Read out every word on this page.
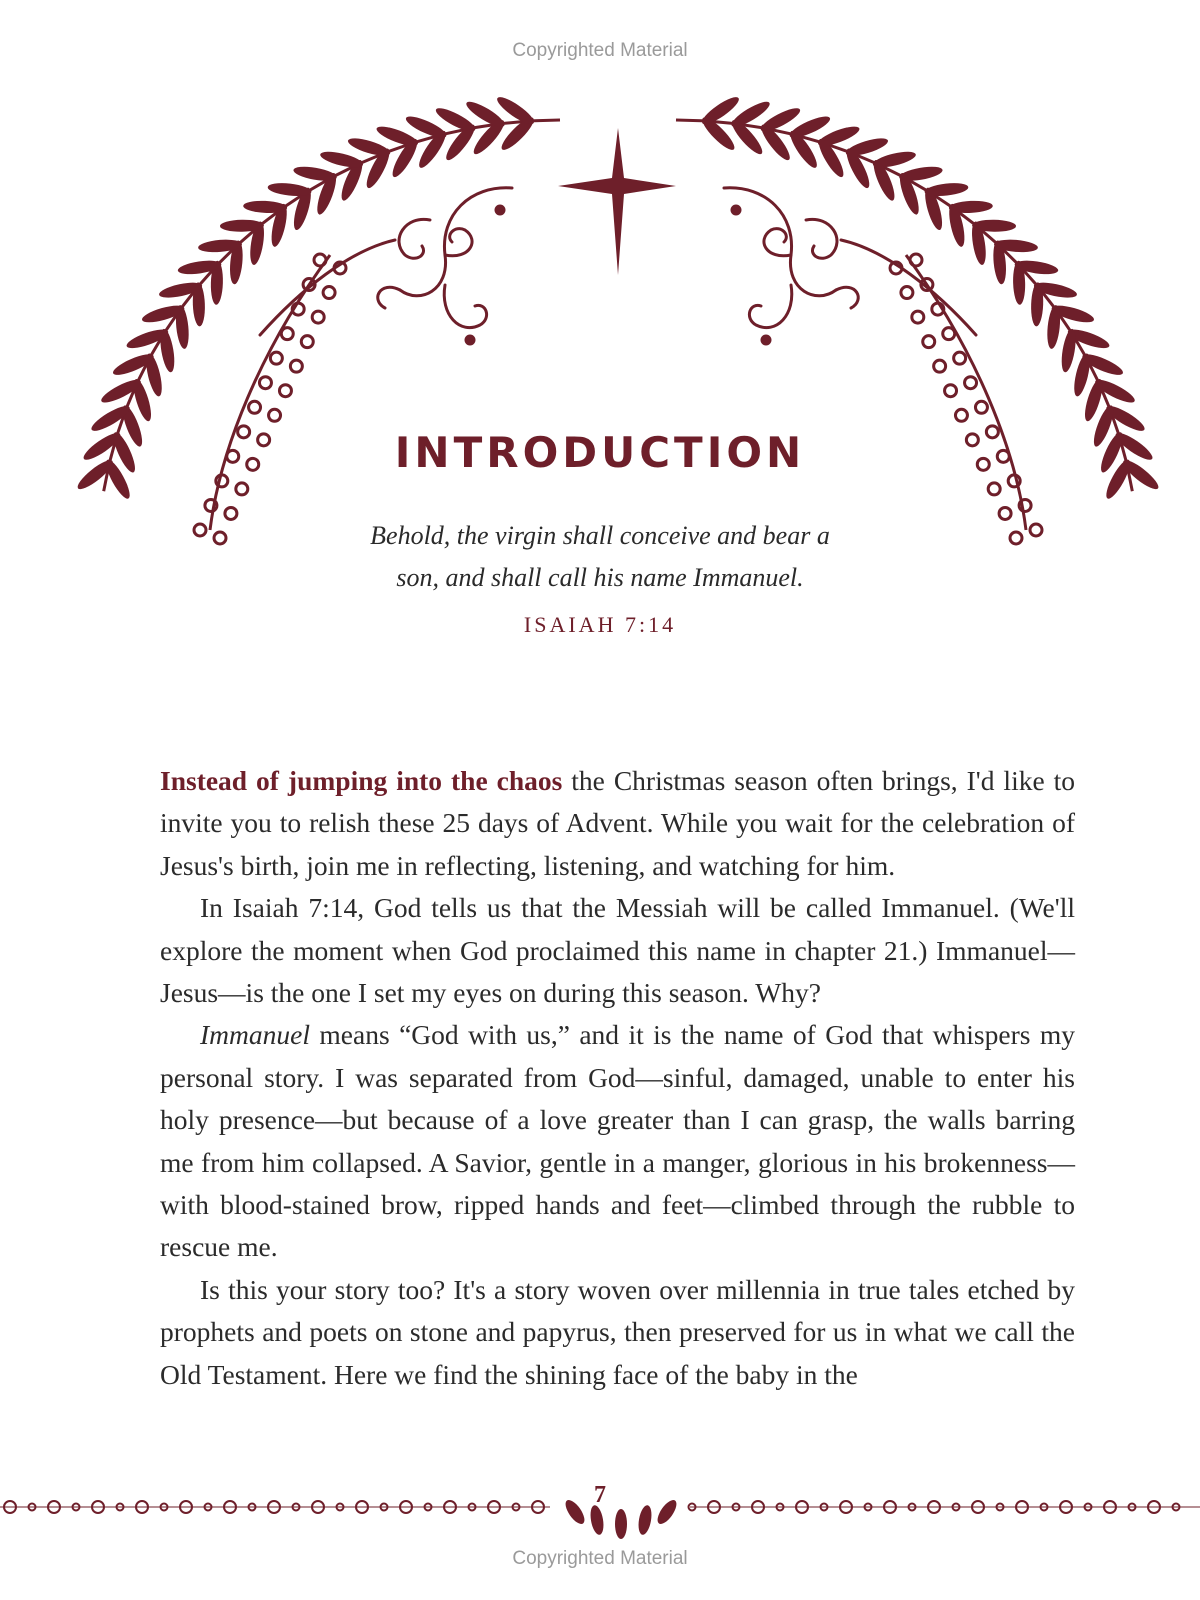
Copyrighted Material
INTRODUCTION
Behold, the virgin shall conceive and bear a
son, and shall call his name Immanuel.
ISAIAH 7:14

Instead of jumping into the chaos the Christmas season often brings, I'd like to invite you to relish these 25 days of Advent. While you wait for the celebration of Jesus's birth, join me in reflecting, listening, and watching for him.

In Isaiah 7:14, God tells us that the Messiah will be called Immanuel. (We'll explore the moment when God proclaimed this name in chapter 21.) Immanuel—Jesus—is the one I set my eyes on during this season. Why?

Immanuel means “God with us,” and it is the name of God that whispers my personal story. I was separated from God—sinful, damaged, unable to enter his holy presence—but because of a love greater than I can grasp, the walls barring me from him collapsed. A Savior, gentle in a manger, glorious in his brokenness—with blood-stained brow, ripped hands and feet—climbed through the rubble to rescue me.

Is this your story too? It's a story woven over millennia in true tales etched by prophets and poets on stone and papyrus, then preserved for us in what we call the Old Testament. Here we find the shining face of the baby in the

7
Copyrighted Material
